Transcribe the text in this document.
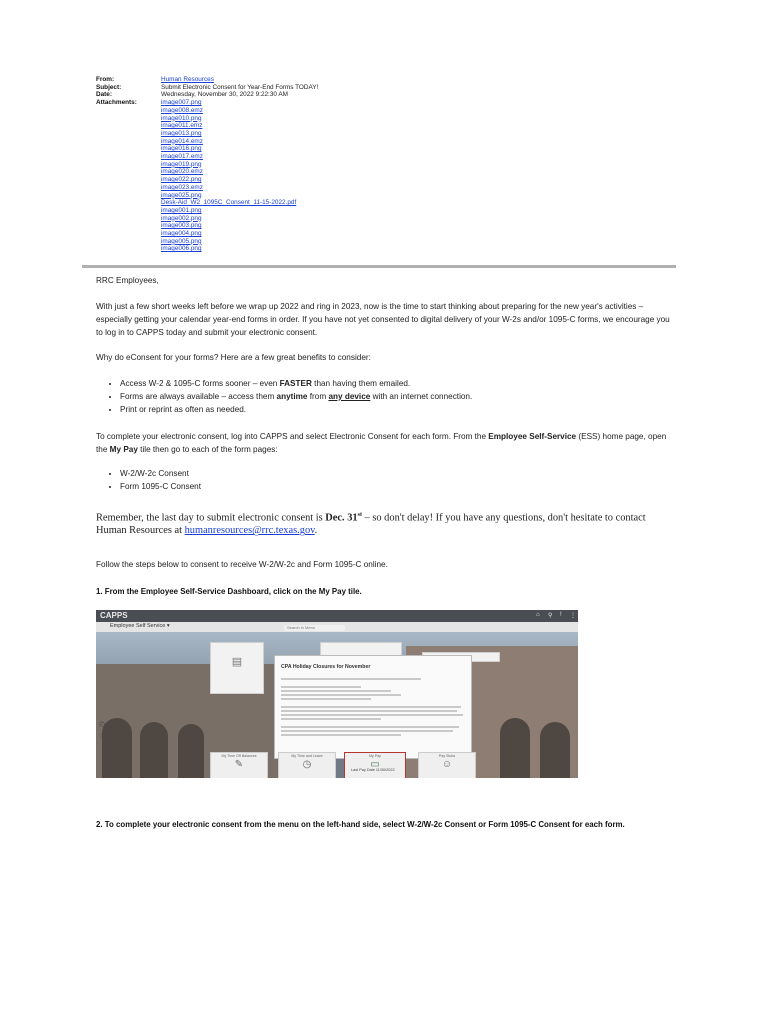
From:	Human Resources
Subject:	Submit Electronic Consent for Year-End Forms TODAY!
Date:	Wednesday, November 30, 2022 9:22:30 AM
Attachments:	image007.png
image008.emz
image010.png
image011.emz
image013.png
image014.emz
image016.png
image017.emz
image019.png
image020.emz
image022.png
image023.emz
image025.png
Desk-Aid_W2_1095C_Consent_11-15-2022.pdf
image001.png
image002.png
image003.png
image004.png
image005.png
image006.png
RRC Employees,
With just a few short weeks left before we wrap up 2022 and ring in 2023, now is the time to start thinking about preparing for the new year's activities – especially getting your calendar year-end forms in order. If you have not yet consented to digital delivery of your W-2s and/or 1095-C forms, we encourage you to log in to CAPPS today and submit your electronic consent.
Why do eConsent for your forms? Here are a few great benefits to consider:
• Access W-2 & 1095-C forms sooner – even FASTER than having them emailed.
• Forms are always available – access them anytime from any device with an internet connection.
• Print or reprint as often as needed.
To complete your electronic consent, log into CAPPS and select Electronic Consent for each form. From the Employee Self-Service (ESS) home page, open the My Pay tile then go to each of the form pages:
• W-2/W-2c Consent
• Form 1095-C Consent
Remember, the last day to submit electronic consent is Dec. 31st – so don't delay! If you have any questions, don't hesitate to contact Human Resources at humanresources@rrc.texas.gov.
Follow the steps below to consent to receive W-2/W-2c and Form 1095-C online.
1. From the Employee Self-Service Dashboard, click on the My Pay tile.
CAPPS	⌂ ⚲ ! ⋮
Employee Self Service ▾	Search in Menu
▤	CPA Holiday Closures for November
My Time Off Balances
✎
My Time and Leave
◷
My Pay
▭
Pay Stubs
☺
◴
♡
Last Pay Date 11/30/2022
2. To complete your electronic consent from the menu on the left-hand side, select W-2/W-2c Consent or Form 1095-C Consent for each form.
